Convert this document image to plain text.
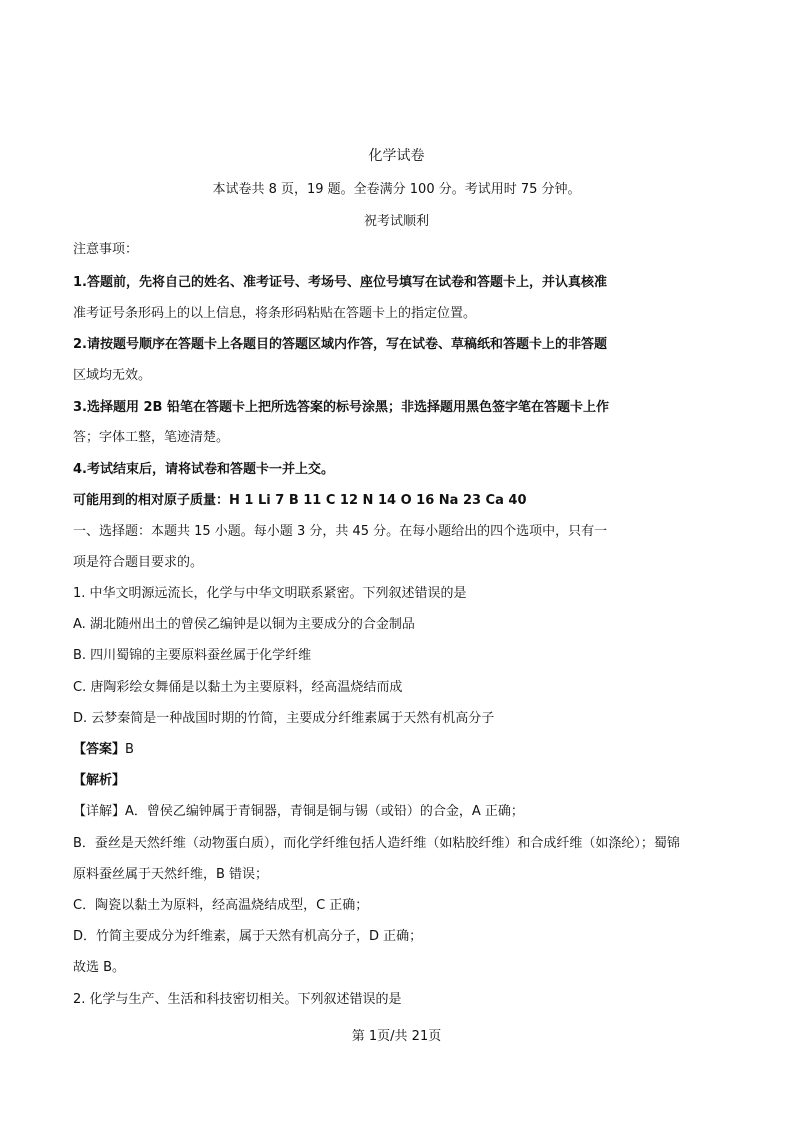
化学试卷
本试卷共 8 页，19 题。全卷满分 100 分。考试用时 75 分钟。
祝考试顺利
注意事项：
1.答题前，先将自己的姓名、准考证号、考场号、座位号填写在试卷和答题卡上，并认真核准
准考证号条形码上的以上信息，将条形码粘贴在答题卡上的指定位置。
2.请按题号顺序在答题卡上各题目的答题区域内作答，写在试卷、草稿纸和答题卡上的非答题
区域均无效。
3.选择题用 2B 铅笔在答题卡上把所选答案的标号涂黑；非选择题用黑色签字笔在答题卡上作
答；字体工整，笔迹清楚。
4.考试结束后，请将试卷和答题卡一并上交。
可能用到的相对原子质量：H 1 Li 7 B 11 C 12 N 14 O 16 Na 23 Ca 40
一、选择题：本题共 15 小题。每小题 3 分，共 45 分。在每小题给出的四个选项中，只有一
项是符合题目要求的。
1. 中华文明源远流长，化学与中华文明联系紧密。下列叙述错误的是
A. 湖北随州出土的曾侯乙编钟是以铜为主要成分的合金制品
B. 四川蜀锦的主要原料蚕丝属于化学纤维
C. 唐陶彩绘女舞俑是以黏土为主要原料，经高温烧结而成
D. 云梦秦简是一种战国时期的竹简，主要成分纤维素属于天然有机高分子
【答案】B
【解析】
【详解】A．曾侯乙编钟属于青铜器，青铜是铜与锡（或铅）的合金，A 正确；
B．蚕丝是天然纤维（动物蛋白质），而化学纤维包括人造纤维（如粘胶纤维）和合成纤维（如涤纶）；蜀锦
原料蚕丝属于天然纤维，B 错误；
C．陶瓷以黏土为原料，经高温烧结成型，C 正确；
D．竹简主要成分为纤维素，属于天然有机高分子，D 正确；
故选 B。
2. 化学与生产、生活和科技密切相关。下列叙述错误的是
第 1页/共 21页
